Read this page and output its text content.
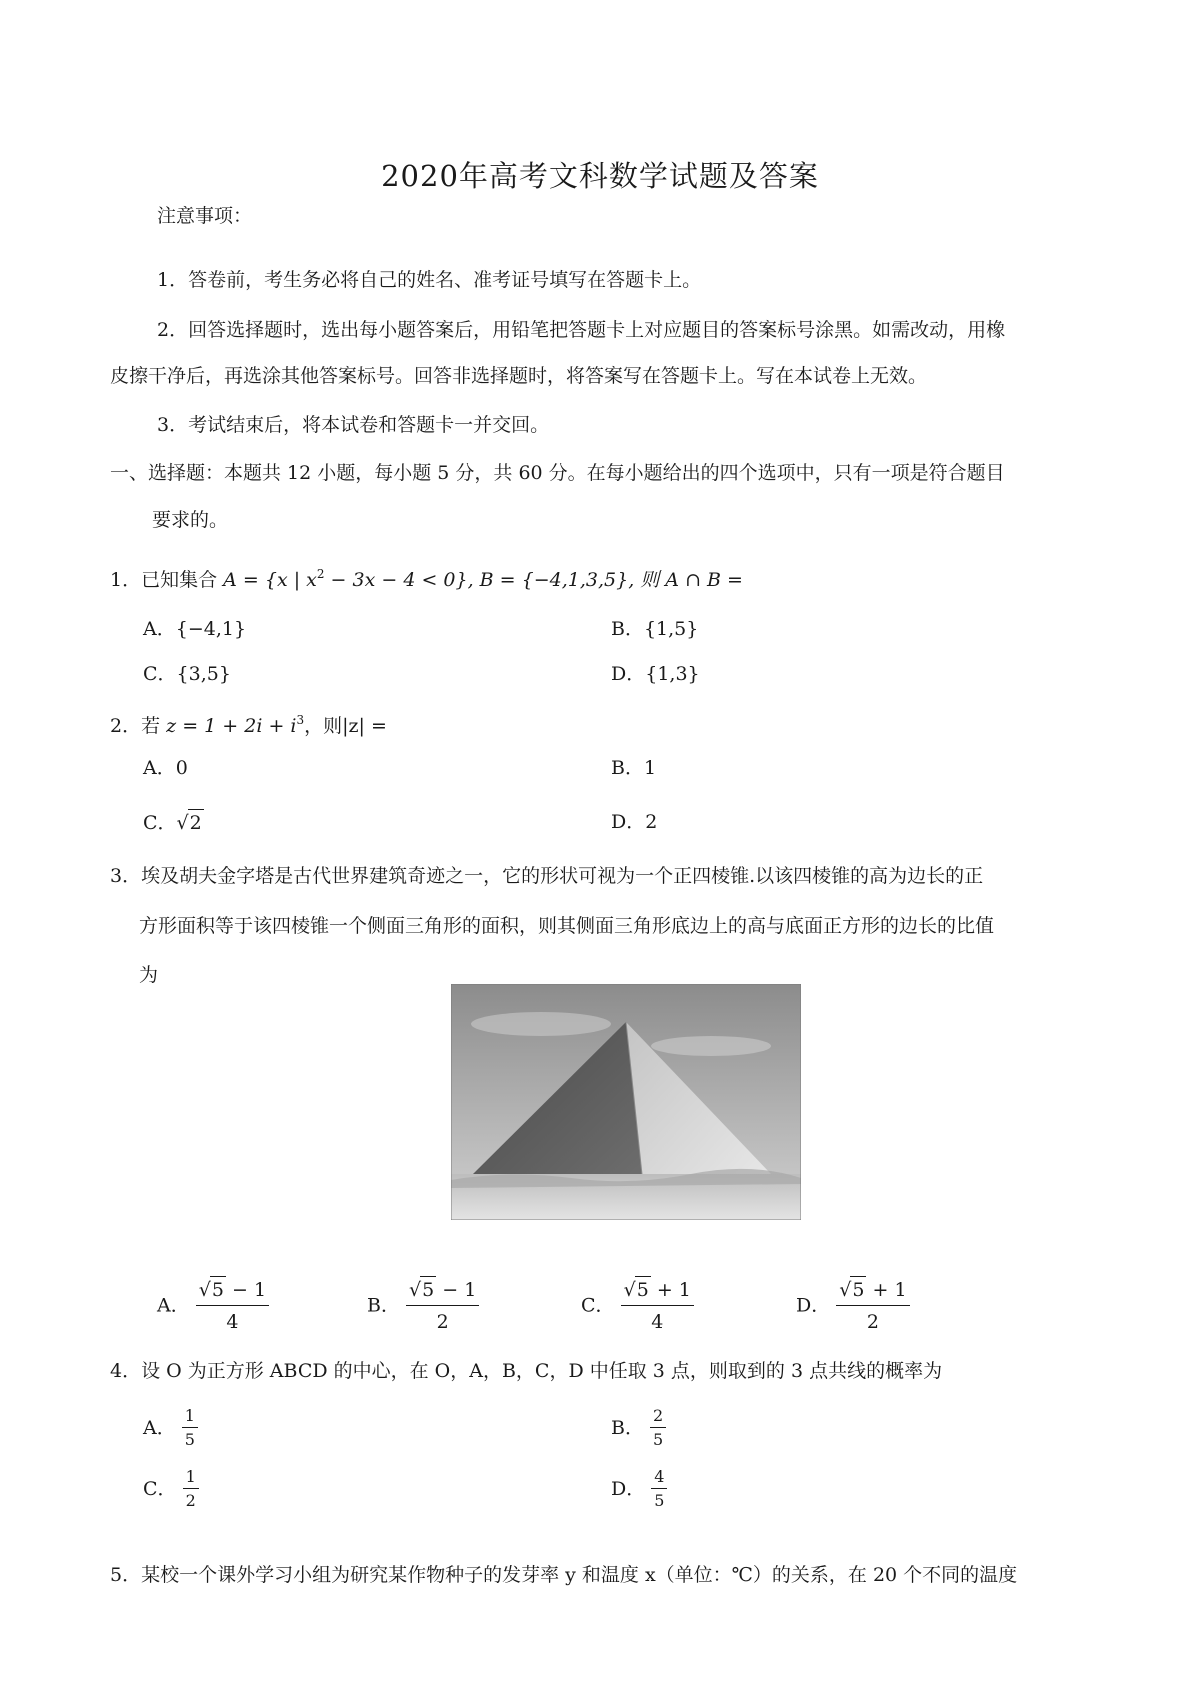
2020年高考文科数学试题及答案
注意事项：
1．答卷前，考生务必将自己的姓名、准考证号填写在答题卡上。
2．回答选择题时，选出每小题答案后，用铅笔把答题卡上对应题目的答案标号涂黑。如需改动，用橡
皮擦干净后，再选涂其他答案标号。回答非选择题时，将答案写在答题卡上。写在本试卷上无效。
3．考试结束后，将本试卷和答题卡一并交回。
一、选择题：本题共 12 小题，每小题 5 分，共 60 分。在每小题给出的四个选项中，只有一项是符合题目
要求的。
1．已知集合 A = {x | $x^2 - 3x - 4 < 0$}, B = {−4,1,3,5}, 则 A ∩ B =
A．{−4,1}	B．{1,5}
C．{3,5}	D．{1,3}
2．若 $z = 1 + 2i + i^3$，则|z| =
A．0	B．1
C．√2	D．2
3．埃及胡夫金字塔是古代世界建筑奇迹之一，它的形状可视为一个正四棱锥.以该四棱锥的高为边长的正
方形面积等于该四棱锥一个侧面三角形的面积，则其侧面三角形底边上的高与底面正方形的边长的比值
为
A． $\frac{√5 - 1}{4}$	B． $\frac{√5 - 1}{2}$	C． $\frac{√5 + 1}{4}$	D． $\frac{√5 + 1}{2}$
4．设 O 为正方形 ABCD 的中心，在 O，A，B，C，D 中任取 3 点，则取到的 3 点共线的概率为
A． $\frac{1}{5}$	B． $\frac{2}{5}$
C． $\frac{1}{2}$	D． $\frac{4}{5}$
5．某校一个课外学习小组为研究某作物种子的发芽率 y 和温度 x（单位：℃）的关系，在 20 个不同的温度
